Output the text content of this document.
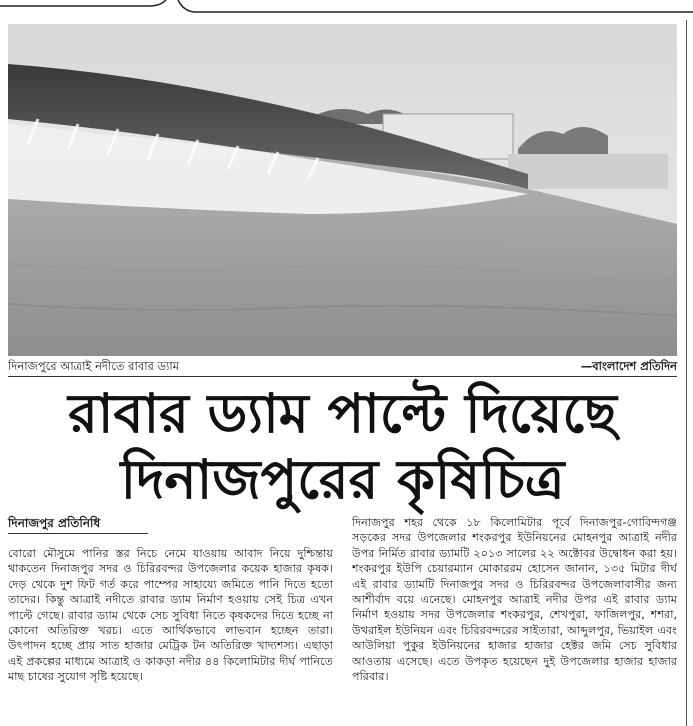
দিনাজপুরে আত্রাই নদীতে রাবার ড্যাম	—বাংলাদেশ প্রতিদিন
রাবার ড্যাম পাল্টে দিয়েছে
দিনাজপুরের কৃষিচিত্র
দিনাজপুর প্রতিনিধি
বোরো মৌসুমে পানির স্তর নিচে নেমে যাওয়ায় আবাদ নিয়ে দুশ্চিন্তায় থাকতেন দিনাজপুর সদর ও চিরিরবন্দর উপজেলার কয়েক হাজার কৃষক। দেড় থেকে দুশ ফিট গর্ত করে পাম্পের সাহায্যে জমিতে পানি দিতে হতো তাদের। কিন্তু আত্রাই নদীতে রাবার ড্যাম নির্মাণ হওয়ায় সেই চিত্র এখন পাল্টে গেছে। রাবার ড্যাম থেকে সেচ সুবিধা নিতে কৃষকদের দিতে হচ্ছে না কোনো অতিরিক্ত খরচ। এতে আর্থিকভাবে লাভবান হচ্ছেন তারা। উৎপাদন হচ্ছে প্রায় সাত হাজার মেট্রিক টন অতিরিক্ত খাদ্যশস্য। এছাড়া এই প্রকল্পের মাধ্যমে আত্রাই ও কাকড়া নদীর ৪৪ কিলোমিটার দীর্ঘ পানিতে মাছ চাষের সুযোগ সৃষ্টি হয়েছে।
দিনাজপুর শহর থেকে ১৮ কিলোমিটার পূর্বে দিনাজপুর-গোবিন্দগঞ্জ সড়কের সদর উপজেলার শংকরপুর ইউনিয়নের মোহনপুর আত্রাই নদীর উপর নির্মিত রাবার ড্যামটি ২০১৩ সালের ২২ অক্টোবর উদ্বোধন করা হয়। শংকরপুর ইউপি চেয়ারম্যান মোকাররম হোসেন জানান, ১৩৫ মিটার দীর্ঘ এই রাবার ড্যামটি দিনাজপুর সদর ও চিরিরবন্দর উপজেলাবাসীর জন্য আশীর্বাদ বয়ে এনেছে। মোহনপুর আত্রাই নদীর উপর এই রাবার ড্যাম নির্মাণ হওয়ায় সদর উপজেলার শংকরপুর, শেখপুরা, ফাজিলপুর, শশরা, উথরাইল ইউনিয়ন এবং চিরিরবন্দরের সাইতারা, আব্দুলপুর, ভিয়াইল এবং আউলিয়া পুকুর ইউনিয়নের হাজার হাজার হেক্টর জমি সেচ সুবিধার আওতায় এসেছে। এতে উপকৃত হয়েছেন দুই উপজেলার হাজার হাজার পরিবার।
